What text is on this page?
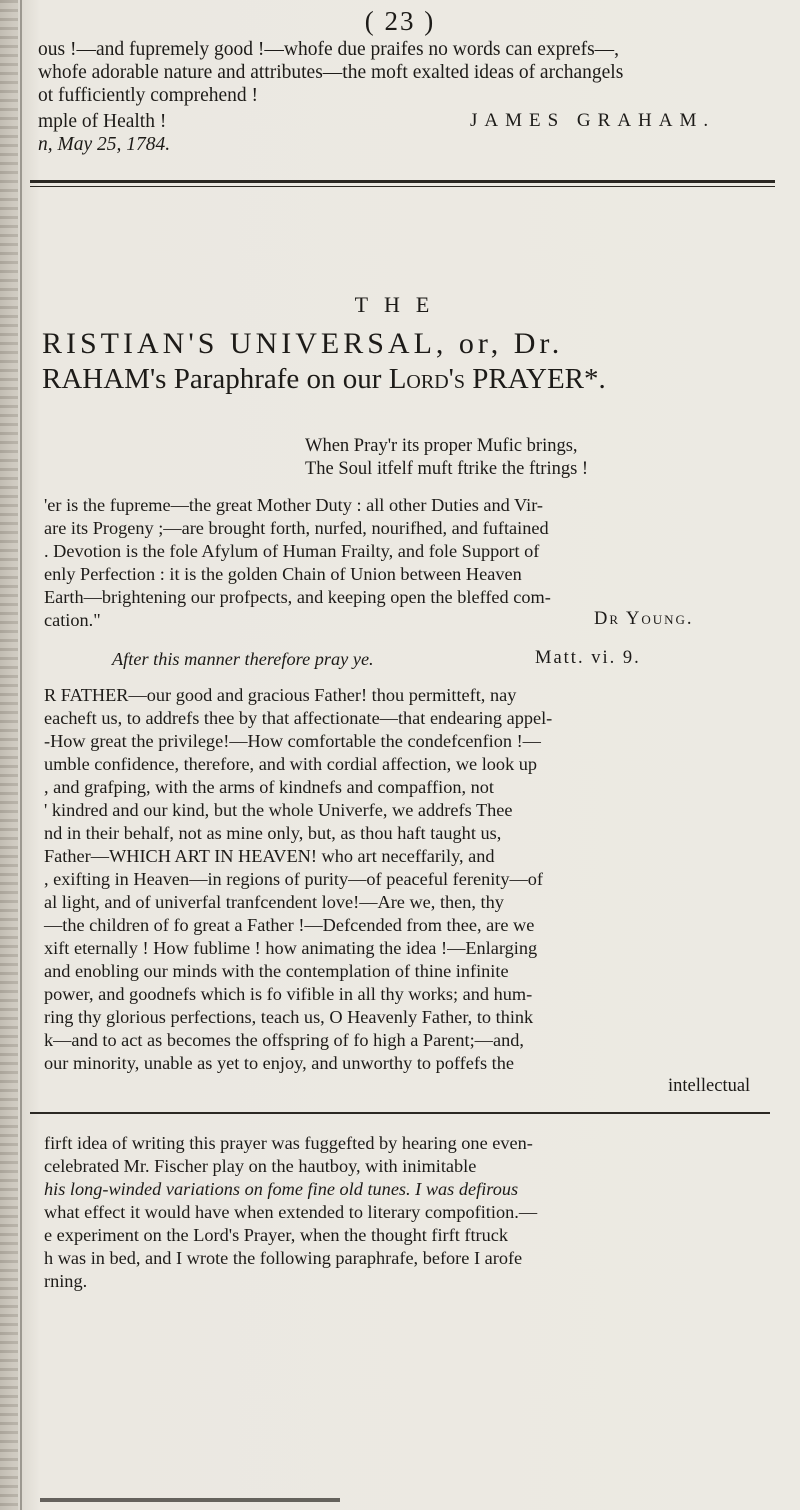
( 23 )
ous !—and fupremely good !—whofe due praifes no words can exprefs—,
whofe adorable nature and attributes—the moft exalted ideas of archangels
ot fufficiently comprehend !
mple of Health !
n, May 25, 1784.
JAMES GRAHAM.
THE
RISTIAN'S UNIVERSAL, or, Dr.
RAHAM's Paraphrafe on our Lord's PRAYER*.
When Pray'r its proper Mufic brings,
The Soul itfelf muft ftrike the ftrings !
'er is the fupreme—the great Mother Duty : all other Duties and Vir-
are its Progeny ;—are brought forth, nurfed, nourifhed, and fuftained
. Devotion is the fole Afylum of Human Frailty, and fole Support of
enly Perfection : it is the golden Chain of Union between Heaven
Earth—brightening our profpects, and keeping open the bleffed com-
cation."	Dr Young.
After this manner therefore pray ye.	Matt. vi. 9.
R FATHER—our good and gracious Father! thou permitteft, nay
eacheft us, to addrefs thee by that affectionate—that endearing appel-
-How great the privilege!—How comfortable the condefcenfion !—
umble confidence, therefore, and with cordial affection, we look up
, and grafping, with the arms of kindnefs and compaffion, not
' kindred and our kind, but the whole Univerfe, we addrefs Thee
nd in their behalf, not as mine only, but, as thou haft taught us,
Father—WHICH ART IN HEAVEN! who art neceffarily, and
, exifting in Heaven—in regions of purity—of peaceful ferenity—of
al light, and of univerfal tranfcendent love!—Are we, then, thy
—the children of fo great a Father !—Defcended from thee, are we
xift eternally ! How fublime ! how animating the idea !—Enlarging
and enobling our minds with the contemplation of thine infinite
power, and goodnefs which is fo vifible in all thy works; and hum-
ring thy glorious perfections, teach us, O Heavenly Father, to think
k—and to act as becomes the offspring of fo high a Parent;—and,
our minority, unable as yet to enjoy, and unworthy to poffefs the
intellectual
firft idea of writing this prayer was fuggefted by hearing one even-
celebrated Mr. Fischer play on the hautboy, with inimitable
his long-winded variations on fome fine old tunes. I was defirous
what effect it would have when extended to literary compofition.—
e experiment on the Lord's Prayer, when the thought firft ftruck
h was in bed, and I wrote the following paraphrafe, before I arofe
rning.
